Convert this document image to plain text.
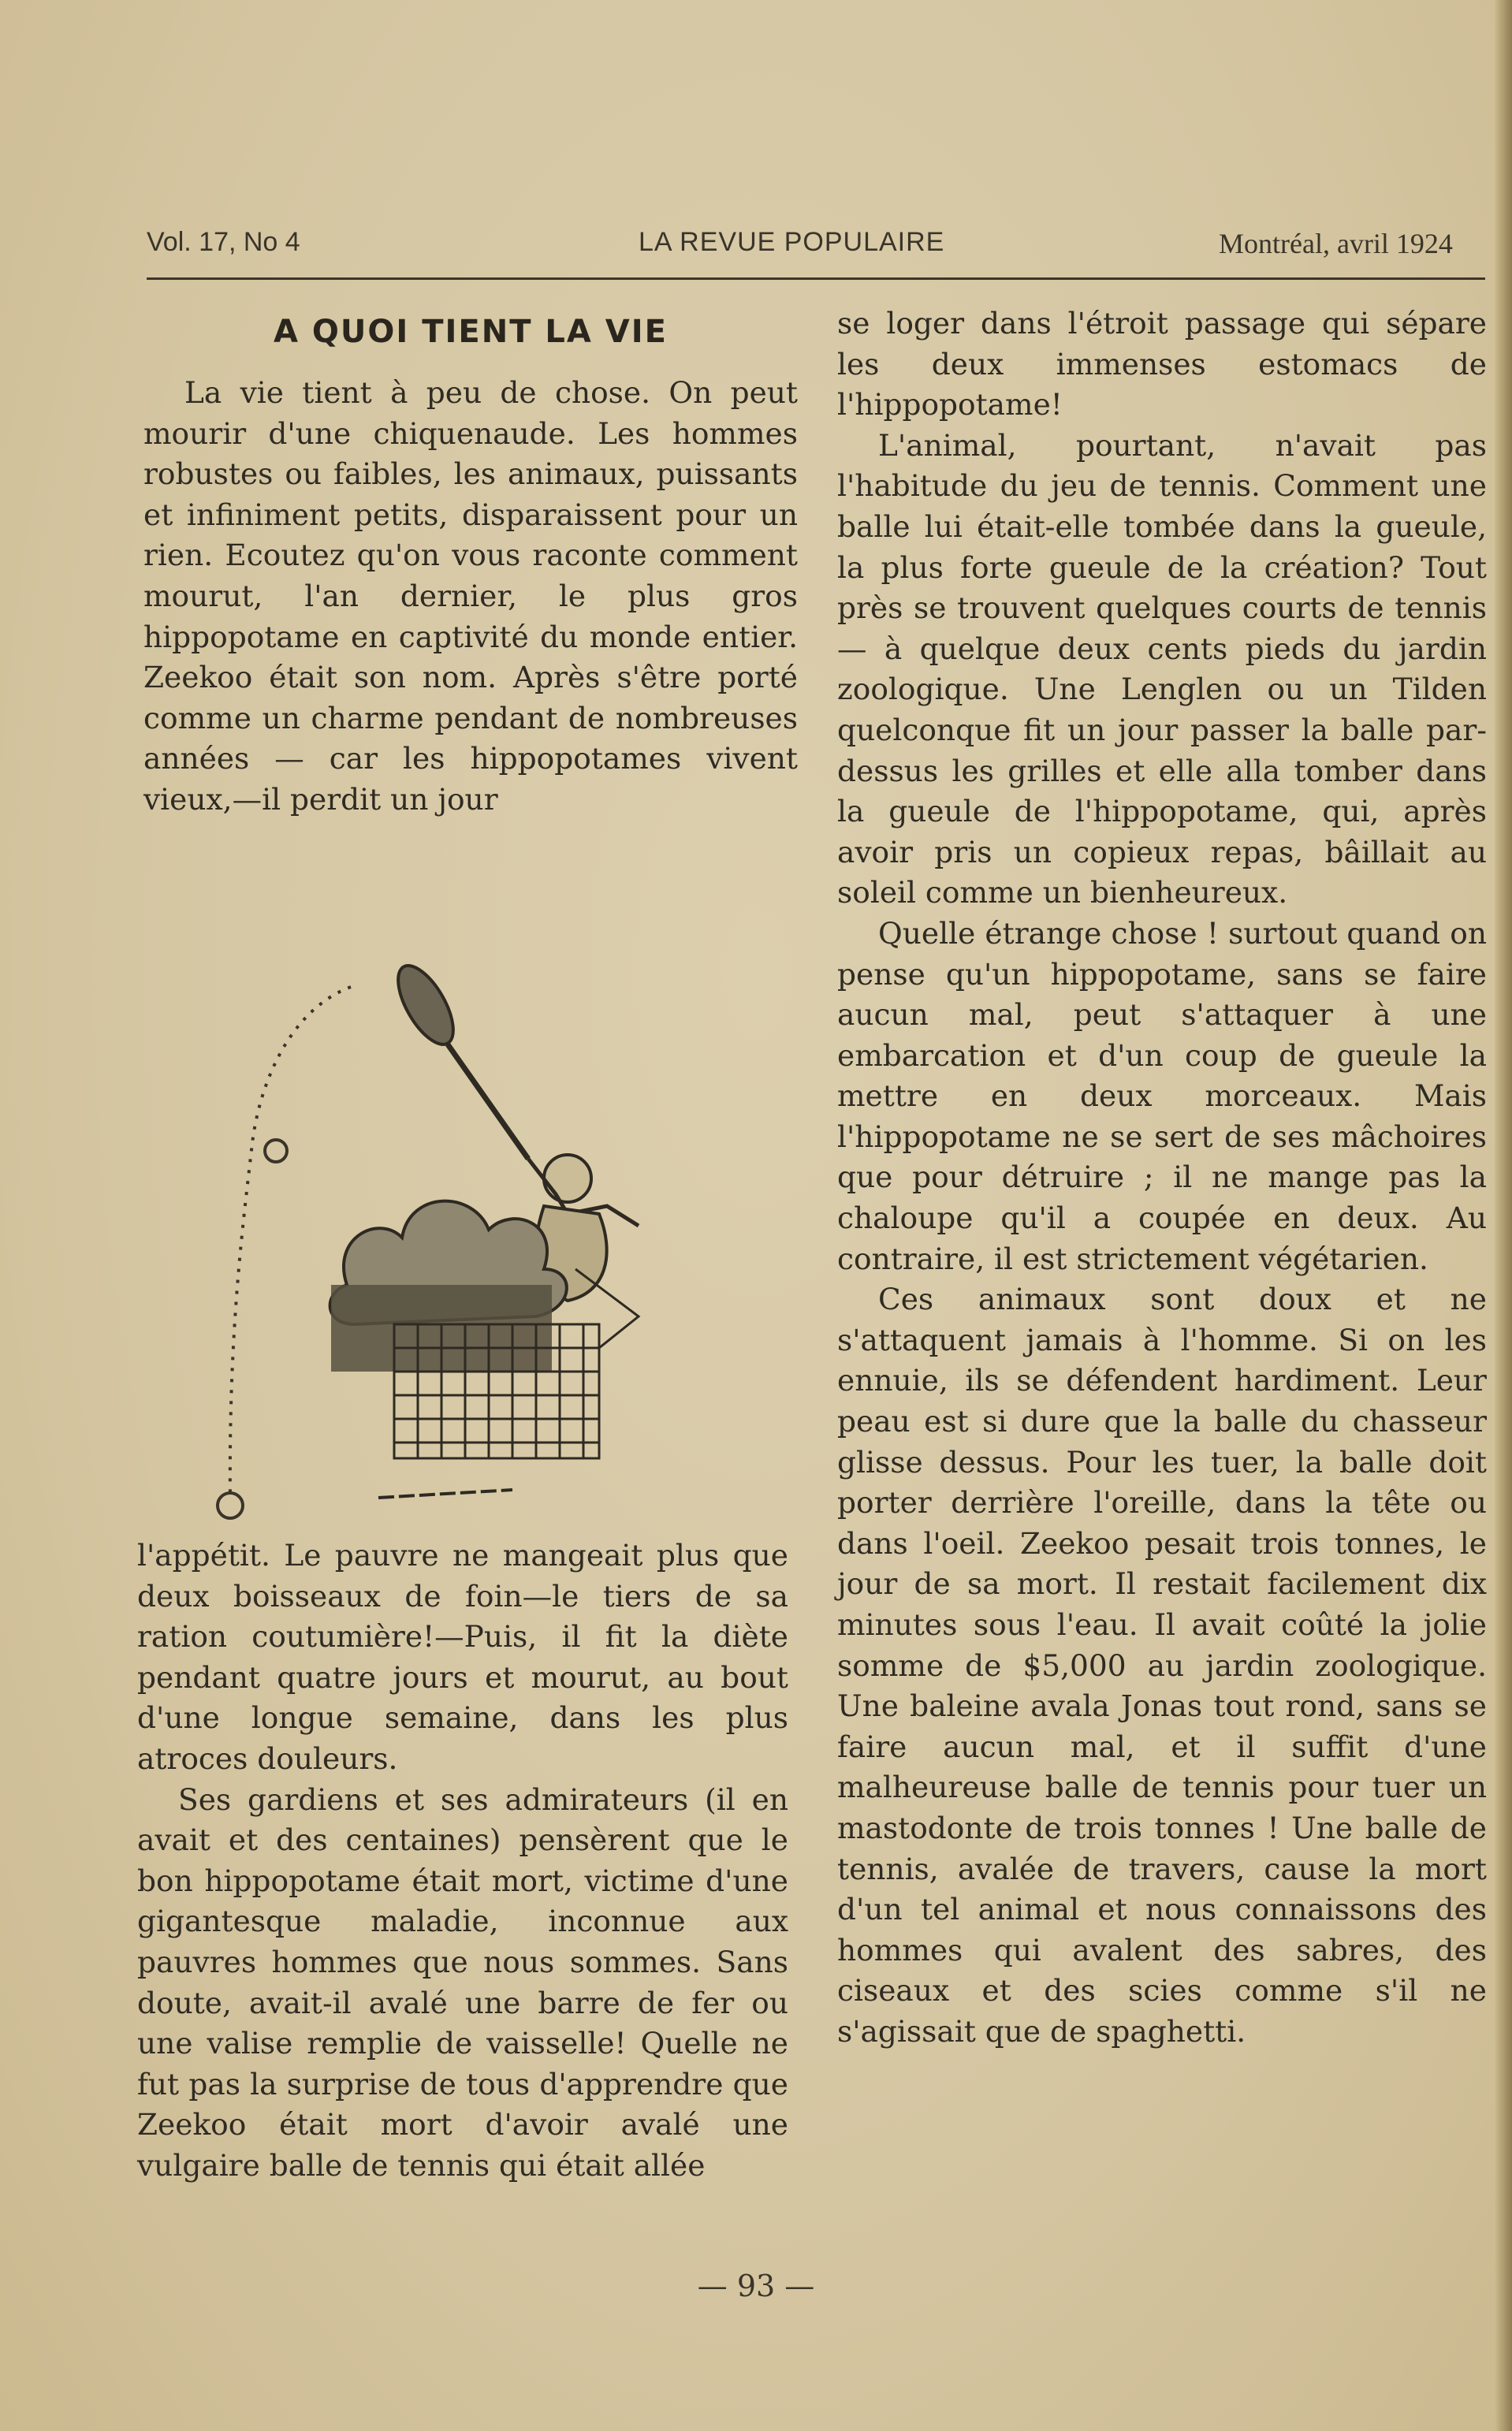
Vol. 17, No 4	LA REVUE POPULAIRE	Montréal, avril 1924
A QUOI TIENT LA VIE

La vie tient à peu de chose. On peut mourir d'une chiquenaude. Les hommes robustes ou faibles, les animaux, puissants et infiniment petits, disparaissent pour un rien. Ecoutez qu'on vous raconte comment mourut, l'an dernier, le plus gros hippopotame en captivité du monde entier. Zeekoo était son nom. Après s'être porté comme un charme pendant de nombreuses années — car les hippopotames vivent vieux,—il perdit un jour

l'appétit. Le pauvre ne mangeait plus que deux boisseaux de foin—le tiers de sa ration coutumière!—Puis, il fit la diète pendant quatre jours et mourut, au bout d'une longue semaine, dans les plus atroces douleurs.

Ses gardiens et ses admirateurs (il en avait et des centaines) pensèrent que le bon hippopotame était mort, victime d'une gigantesque maladie, inconnue aux pauvres hommes que nous sommes. Sans doute, avait-il avalé une barre de fer ou une valise remplie de vaisselle! Quelle ne fut pas la surprise de tous d'apprendre que Zeekoo était mort d'avoir avalé une vulgaire balle de tennis qui était allée

se loger dans l'étroit passage qui sépare les deux immenses estomacs de l'hippopotame!

L'animal, pourtant, n'avait pas l'habitude du jeu de tennis. Comment une balle lui était-elle tombée dans la gueule, la plus forte gueule de la création? Tout près se trouvent quelques courts de tennis — à quelque deux cents pieds du jardin zoologique. Une Lenglen ou un Tilden quelconque fit un jour passer la balle par-dessus les grilles et elle alla tomber dans la gueule de l'hippopotame, qui, après avoir pris un copieux repas, bâillait au soleil comme un bienheureux.

Quelle étrange chose ! surtout quand on pense qu'un hippopotame, sans se faire aucun mal, peut s'attaquer à une embarcation et d'un coup de gueule la mettre en deux morceaux. Mais l'hippopotame ne se sert de ses mâchoires que pour détruire ; il ne mange pas la chaloupe qu'il a coupée en deux. Au contraire, il est strictement végétarien.

Ces animaux sont doux et ne s'attaquent jamais à l'homme. Si on les ennuie, ils se défendent hardiment. Leur peau est si dure que la balle du chasseur glisse dessus. Pour les tuer, la balle doit porter derrière l'oreille, dans la tête ou dans l'oeil. Zeekoo pesait trois tonnes, le jour de sa mort. Il restait facilement dix minutes sous l'eau. Il avait coûté la jolie somme de $5,000 au jardin zoologique. Une baleine avala Jonas tout rond, sans se faire aucun mal, et il suffit d'une malheureuse balle de tennis pour tuer un mastodonte de trois tonnes ! Une balle de tennis, avalée de travers, cause la mort d'un tel animal et nous connaissons des hommes qui avalent des sabres, des ciseaux et des scies comme s'il ne s'agissait que de spaghetti.

— 93 —
